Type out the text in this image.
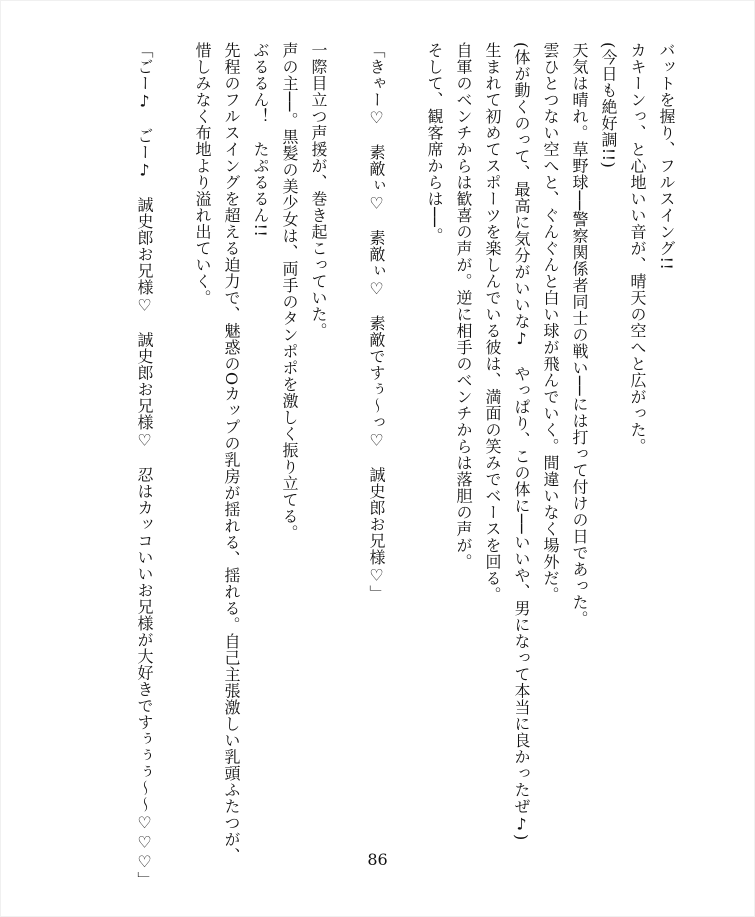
バットを握り、フルスイング!!
カキーンっ、と心地いい音が、晴天の空へと広がった。
(今日も絶好調!!)
天気は晴れ。草野球──警察関係者同士の戦い──には打って付けの日であった。
雲ひとつない空へと、ぐんぐんと白い球が飛んでいく。間違いなく場外だ。
(体が動くのって、最高に気分がいいな♪　やっぱり、この体に──いいや、男になって本当に良かったぜ♪)
生まれて初めてスポーツを楽しんでいる彼は、満面の笑みでベースを回る。
自軍のベンチからは歓喜の声が。逆に相手のベンチからは落胆の声が。
そして、観客席からは──。
「きゃー♡　素敵ぃ♡　素敵ぃ♡　素敵ですぅ～っ♡　誠史郎お兄様♡」
一際目立つ声援が、巻き起こっていた。
声の主──。黒髪の美少女は、両手のタンポポを激しく振り立てる。
ぶるるん！　たぷるるん!!
先程のフルスイングを超える迫力で、魅惑のOカップの乳房が揺れる、揺れる。自己主張激しい乳頭ふたつが、
惜しみなく布地より溢れ出ていく。
「ごー♪　ごー♪　誠史郎お兄様♡　誠史郎お兄様♡　忍はカッコいいお兄様が大好きですぅぅぅ～～♡♡♡」	86
